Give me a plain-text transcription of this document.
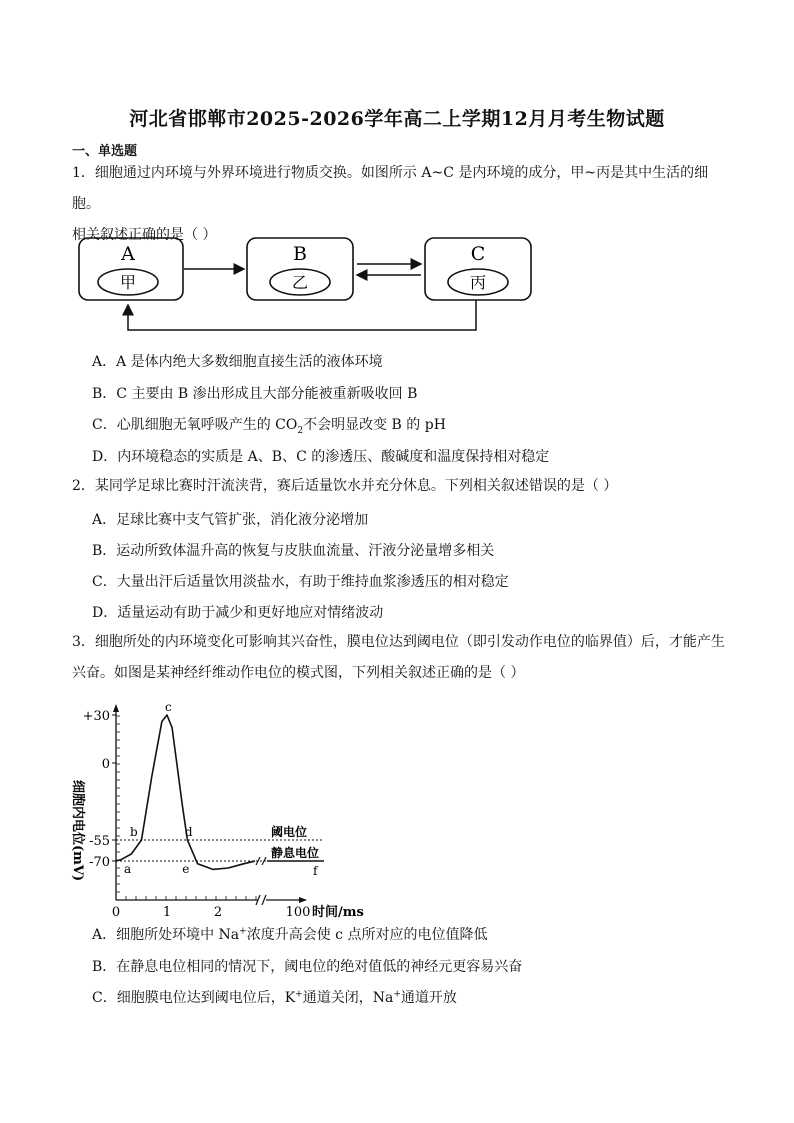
河北省邯郸市2025-2026学年高二上学期12月月考生物试题
一、单选题
1．细胞通过内环境与外界环境进行物质交换。如图所示 A~C 是内环境的成分，甲~丙是其中生活的细胞。
相关叙述正确的是（ ）
A	B	C
甲	乙	丙
A．A 是体内绝大多数细胞直接生活的液体环境
B．C 主要由 B 渗出形成且大部分能被重新吸收回 B
C．心肌细胞无氧呼吸产生的 $CO_2$不会明显改变 B 的 pH
D．内环境稳态的实质是 A、B、C 的渗透压、酸碱度和温度保持相对稳定
2．某同学足球比赛时汗流浃背，赛后适量饮水并充分休息。下列相关叙述错误的是（ ）
A．足球比赛中支气管扩张，消化液分泌增加
B．运动所致体温升高的恢复与皮肤血流量、汗液分泌量增多相关
C．大量出汗后适量饮用淡盐水，有助于维持血浆渗透压的相对稳定
D．适量运动有助于减少和更好地应对情绪波动
3．细胞所处的内环境变化可影响其兴奋性，膜电位达到阈电位（即引发动作电位的临界值）后，才能产生
兴奋。如图是某神经纤维动作电位的模式图，下列相关叙述正确的是（ ）
+30
0
-55
-70
0	1	2	100 时间/ms
细胞内电位(mV)	阈电位
静息电位
a
b
c
d
e	f
A．细胞所处环境中 Na+浓度升高会使 c 点所对应的电位值降低
B．在静息电位相同的情况下，阈电位的绝对值低的神经元更容易兴奋
C．细胞膜电位达到阈电位后，K+通道关闭，Na+通道开放
